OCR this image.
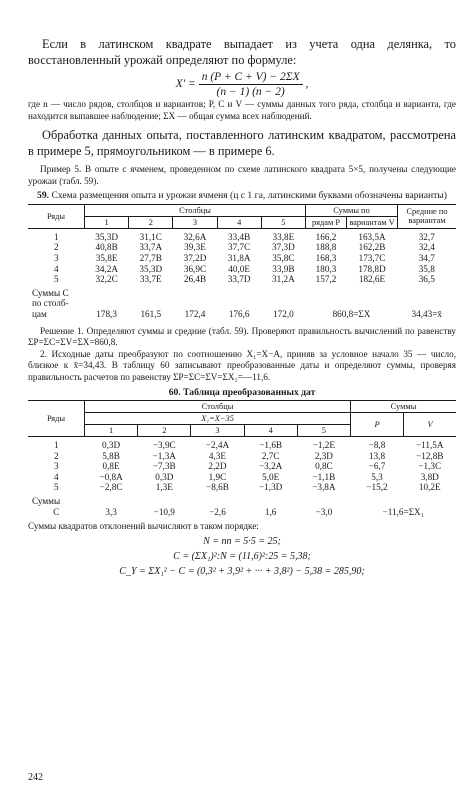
Если в латинском квадрате выпадает из учета одна делянка, то восстановленный урожай определяют по формуле:

$X' = \frac{n (P + C + V) - 2\Sigma X}{(n - 1) (n - 2)}$ ,

где n — число рядов, столбцов и вариантов; P, C и V — суммы данных того ряда, столбца и варианта, где находится выпавшее наблюдение; ΣX — общая сумма всех наблюдений.

Обработка данных опыта, поставленного латинским квадратом, рассмотрена в примере 5, прямоугольником — в примере 6.

Пример 5. В опыте с ячменем, проведенном по схеме латинского квадрата 5×5, получены следующие урожаи (табл. 59).

59. Схема размещения опыта и урожаи ячменя (ц с 1 га, латинскими буквами обозначены варианты)
Ряды	Столбцы					Суммы по		Средние по вариантам
	1	2	3	4	5	рядам P	вариантам V	

1	35,3D	31,1C	32,6A	33,4B	33,8E	166,2	163,5A	32,7
2	40,8B	33,7A	39,3E	37,7C	37,3D	188,8	162,2B	32,4
3	35,8E	27,7B	37,2D	31,8A	35,8C	168,3	173,7C	34,7
4	34,2A	35,3D	36,9C	40,0E	33,9B	180,3	178,8D	35,8
5	32,2C	33,7E	26,4B	33,7D	31,2A	157,2	182,6E	36,5

Суммы C								
по столб-								
цам	178,3	161,5	172,4	176,6	172,0	860,8=ΣX		34,43=x̄

Решение 1. Определяют суммы и средние (табл. 59). Проверяют правильность вычислений по равенству ΣP=ΣC=ΣV=ΣX=860,8.

2. Исходные даты преобразуют по соотношению X₁=X−A, приняв за условное начало 35 — число, близкое к x̄=34,43. В таблицу 60 записывают преобразованные даты и определяют суммы, проверяя правильность расчетов по равенству ΣP=ΣC=ΣV=ΣX₁=—11,6.

60. Таблица преобразованных дат
Ряды	Столбцы					Суммы	
	X₁=X−35					P	V
	1	2	3	4	5		

1	0,3D	−3,9C	−2,4A	−1,6B	−1,2E	−8,8	−11,5A
2	5,8B	−1,3A	4,3E	2,7C	2,3D	13,8	−12,8B
3	0,8E	−7,3B	2,2D	−3,2A	0,8C	−6,7	−1,3C
4	−0,8A	0,3D	1,9C	5,0E	−1,1B	5,3	3,8D
5	−2,8C	1,3E	−8,6B	−1,3D	−3,8A	−15,2	10,2E

Суммы							
C	3,3	−10,9	−2,6	1,6	−3,0	−11,6=ΣX₁	

Суммы квадратов отклонений вычисляют в таком порядке:

N = nn = 5·5 = 25;
C = (ΣX₁)²:N = (11,6)²:25 = 5,38;
C_Y = ΣX₁² − C = (0,3² + 3,9² + ··· + 3,8²) − 5,38 = 285,90;
242
